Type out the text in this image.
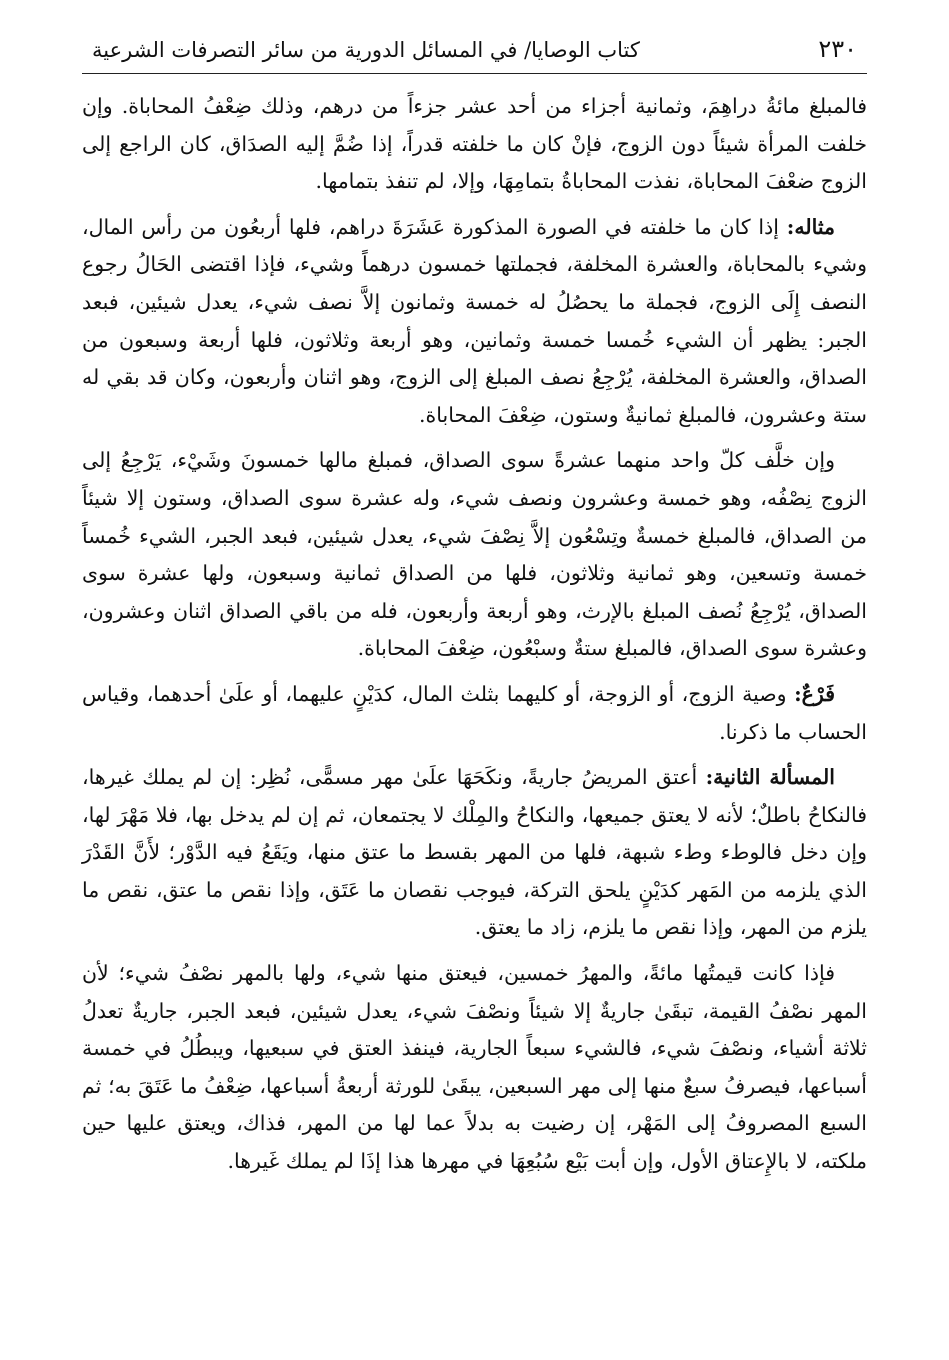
٢٣٠
كتاب الوصايا/ في المسائل الدورية من سائر التصرفات الشرعية

فالمبلغ مائةُ دراهِمَ، وثمانية أجزاء من أحد عشر جزءاً من درهم، وذلك ضِعْفُ المحاباة. وإن خلفت المرأة شيئاً دون الزوج، فإنْ كان ما خلفته قدراً، إذا ضُمَّ إليه الصدَاق، كان الراجع إلى الزوج ضعْفَ المحاباة، نفذت المحاباةُ بتمامِهَا، وإلا، لم تنفذ بتمامها.

مثاله: إذا كان ما خلفته في الصورة المذكورة عَشَرَةَ دراهم، فلها أربعُون من رأس المال، وشيء بالمحاباة، والعشرة المخلفة، فجملتها خمسون درهماً وشيء، فإذا اقتضى الحَالُ رجوع النصف إِلَى الزوج، فجملة ما يحصُلُ له خمسة وثمانون إلاَّ نصف شيء، يعدل شيئين، فبعد الجبر: يظهر أن الشيء خُمسا خمسة وثمانين، وهو أربعة وثلاثون، فلها أربعة وسبعون من الصداق، والعشرة المخلفة، يُرْجِعُ نصف المبلغ إلى الزوج، وهو اثنان وأربعون، وكان قد بقي له ستة وعشرون، فالمبلغ ثمانيةٌ وستون، ضِعْفَ المحاباة.

وإن خلَّف كلّ واحد منهما عشرةً سوى الصداق، فمبلغ مالها خمسونَ وشَيْء، يَرْجِعُ إلى الزوج نِصْفُه، وهو خمسة وعشرون ونصف شيء، وله عشرة سوى الصداق، وستون إلا شيئاً من الصداق، فالمبلغ خمسةٌ وتِسْعُون إلاَّ نِصْفَ شيء، يعدل شيئين، فبعد الجبر، الشيء خُمساً خمسة وتسعين، وهو ثمانية وثلاثون، فلها من الصداق ثمانية وسبعون، ولها عشرة سوى الصداق، يُرْجِعُ نُصف المبلغ بالإرث، وهو أربعة وأربعون، فله من باقي الصداق اثنان وعشرون، وعشرة سوى الصداق، فالمبلغ ستةٌ وسبْعُون، ضِعْفَ المحاباة.

فَرْعٌ: وصية الزوج، أو الزوجة، أو كليهما بثلث المال، كدَيْنٍ عليهما، أو علَىٰ أحدهما، وقياس الحساب ما ذكرنا.

المسألة الثانية: أعتق المريضُ جاريةً، ونكَحَهَا علَىٰ مهر مسمًّى، نُظِر: إن لم يملك غيرها، فالنكاحُ باطلٌ؛ لأنه لا يعتق جميعها، والنكاحُ والمِلْك لا يجتمعان، ثم إن لم يدخل بها، فلا مَهْرَ لها، وإن دخل فالوطء وطء شبهة، فلها من المهر بقسط ما عتق منها، ويَقَعُ فيه الدَّوْر؛ لأَنَّ القَدْرَ الذي يلزمه من المَهر كدَيْنٍ يلحق التركة، فيوجب نقصان ما عَتَق، وإذا نقص ما عتق، نقص ما يلزم من المهر، وإذا نقص ما يلزم، زاد ما يعتق.

فإذا كانت قيمتُها مائةً، والمهرُ خمسين، فيعتق منها شيء، ولها بالمهر نصْفُ شيء؛ لأن المهر نصْفُ القيمة، تبقَىٰ جاريةٌ إلا شيئاً ونصْفَ شيء، يعدل شيئين، فبعد الجبر، جاريةٌ تعدلُ ثلاثة أشياء، ونصْفَ شيء، فالشيء سبعاً الجارية، فينفذ العتق في سبعيها، ويبطُلُ في خمسة أسباعها، فيصرفُ سبعٌ منها إلى مهر السبعين، يبقَىٰ للورثة أربعةُ أسباعها، ضِعْفُ ما عَتَقَ به؛ ثم السبع المصروفُ إلى المَهْر، إن رضيت به بدلاً عما لها من المهر، فذاك، ويعتق عليها حين ملكته، لا بالإِعتاق الأول، وإن أبت بَيْع سُبُعِهَا في مهرها هذا إذَا لم يملك غَيرها.
